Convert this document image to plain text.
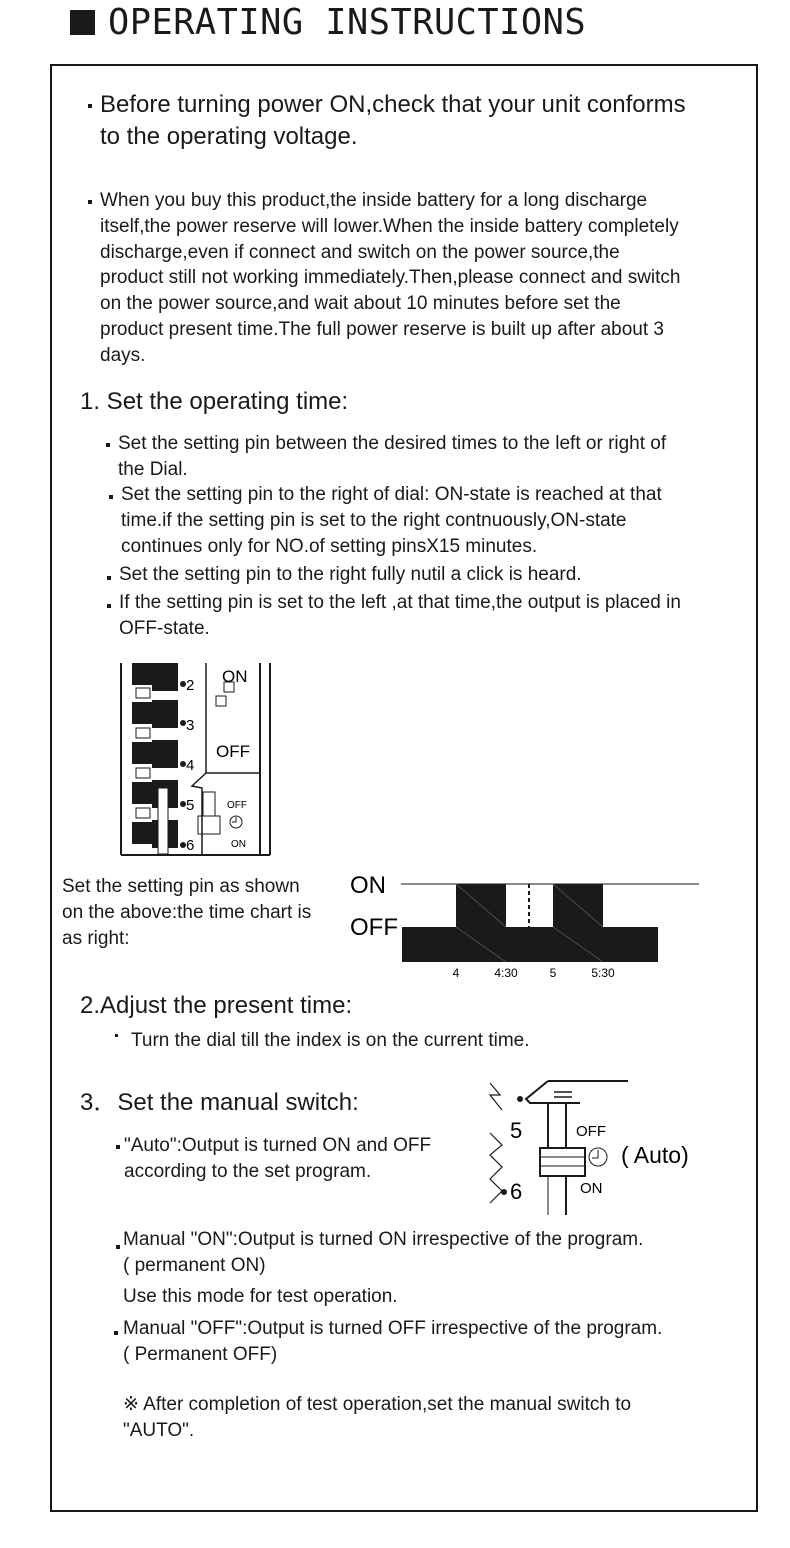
OPERATING INSTRUCTIONS
Before turning power ON,check that your unit conforms
to the operating voltage.
When you buy this product,the inside battery for a long discharge
itself,the power reserve will lower.When the inside battery completely
discharge,even if connect and switch on the power source,the
product still not working immediately.Then,please connect and switch
on the power source,and wait about 10 minutes before set the
product present time.The full power reserve is built up after about 3
days.
1. Set the operating time:
Set the setting pin between the desired times to the left or right of
the Dial.
Set the setting pin to the right of dial: ON-state is reached at that
time.if the setting pin is set to the right contnuously,ON-state
continues only for NO.of setting pinsX15 minutes.
Set the setting pin to the right fully nutil a click is heard.
If the setting pin is set to the left ,at that time,the output is placed in
OFF-state.
2
3
4
5
6
ON
OFF
OFF
ON
Set the setting pin as shown
on the above:the time chart is
as right:
ON
OFF
4	4:30	5	5:30
2.Adjust the present time:
Turn the dial till the index is on the current time.
3．Set the manual switch:
"Auto":Output is turned ON and OFF
according to the set program.
5
6
OFF
ON
( Auto)
Manual "ON":Output is turned ON irrespective of the program.
( permanent ON)
Use this mode for test operation.
Manual "OFF":Output is turned OFF irrespective of the program.
( Permanent OFF)
※ After completion of test operation,set the manual switch to
"AUTO".
